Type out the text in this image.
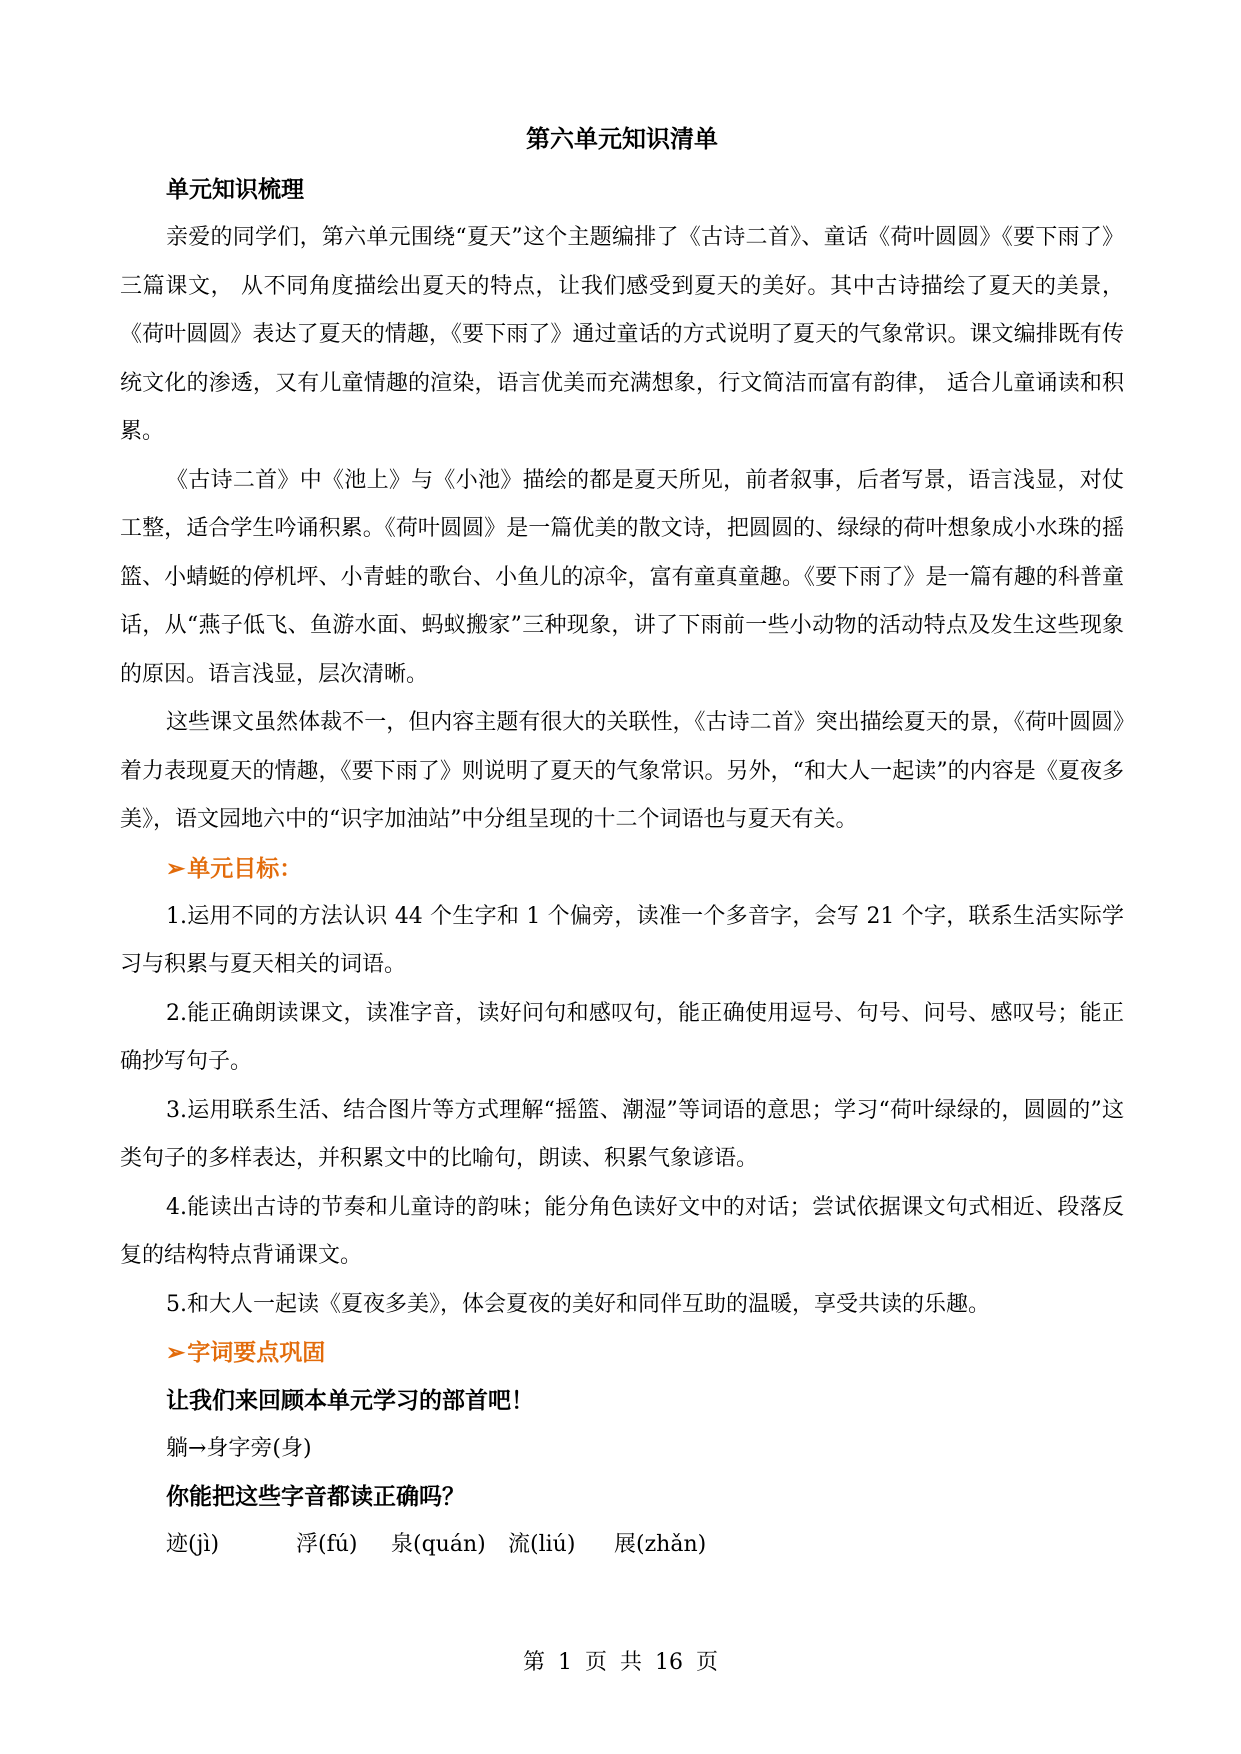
第六单元知识清单
单元知识梳理

亲爱的同学们，第六单元围绕“夏天”这个主题编排了《古诗二首》、童话《荷叶圆圆》《要下雨了》三篇课文， 从不同角度描绘出夏天的特点，让我们感受到夏天的美好。其中古诗描绘了夏天的美景，《荷叶圆圆》表达了夏天的情趣，《要下雨了》通过童话的方式说明了夏天的气象常识。课文编排既有传统文化的渗透，又有儿童情趣的渲染，语言优美而充满想象，行文简洁而富有韵律， 适合儿童诵读和积累。

《古诗二首》中《池上》与《小池》描绘的都是夏天所见，前者叙事，后者写景，语言浅显，对仗工整，适合学生吟诵积累。《荷叶圆圆》是一篇优美的散文诗，把圆圆的、绿绿的荷叶想象成小水珠的摇篮、小蜻蜓的停机坪、小青蛙的歌台、小鱼儿的凉伞，富有童真童趣。《要下雨了》是一篇有趣的科普童话，从“燕子低飞、鱼游水面、蚂蚁搬家”三种现象，讲了下雨前一些小动物的活动特点及发生这些现象的原因。语言浅显，层次清晰。

这些课文虽然体裁不一，但内容主题有很大的关联性，《古诗二首》突出描绘夏天的景，《荷叶圆圆》着力表现夏天的情趣，《要下雨了》则说明了夏天的气象常识。另外，“和大人一起读”的内容是《夏夜多美》，语文园地六中的“识字加油站”中分组呈现的十二个词语也与夏天有关。

➢单元目标：

1.运用不同的方法认识 44 个生字和 1 个偏旁，读准一个多音字，会写 21 个字，联系生活实际学习与积累与夏天相关的词语。

2.能正确朗读课文，读准字音，读好问句和感叹句，能正确使用逗号、句号、问号、感叹号；能正确抄写句子。

3.运用联系生活、结合图片等方式理解“摇篮、潮湿”等词语的意思；学习“荷叶绿绿的，圆圆的”这类句子的多样表达，并积累文中的比喻句，朗读、积累气象谚语。

4.能读出古诗的节奏和儿童诗的韵味；能分角色读好文中的对话；尝试依据课文句式相近、段落反复的结构特点背诵课文。

5.和大人一起读《夏夜多美》，体会夏夜的美好和同伴互助的温暖，享受共读的乐趣。

➢字词要点巩固
让我们来回顾本单元学习的部首吧！
躺→身字旁(身)
你能把这些字音都读正确吗？
迹(jì)	浮(fú)	泉(quán)	流(liú)	展(zhǎn)
第 1 页 共 16 页
